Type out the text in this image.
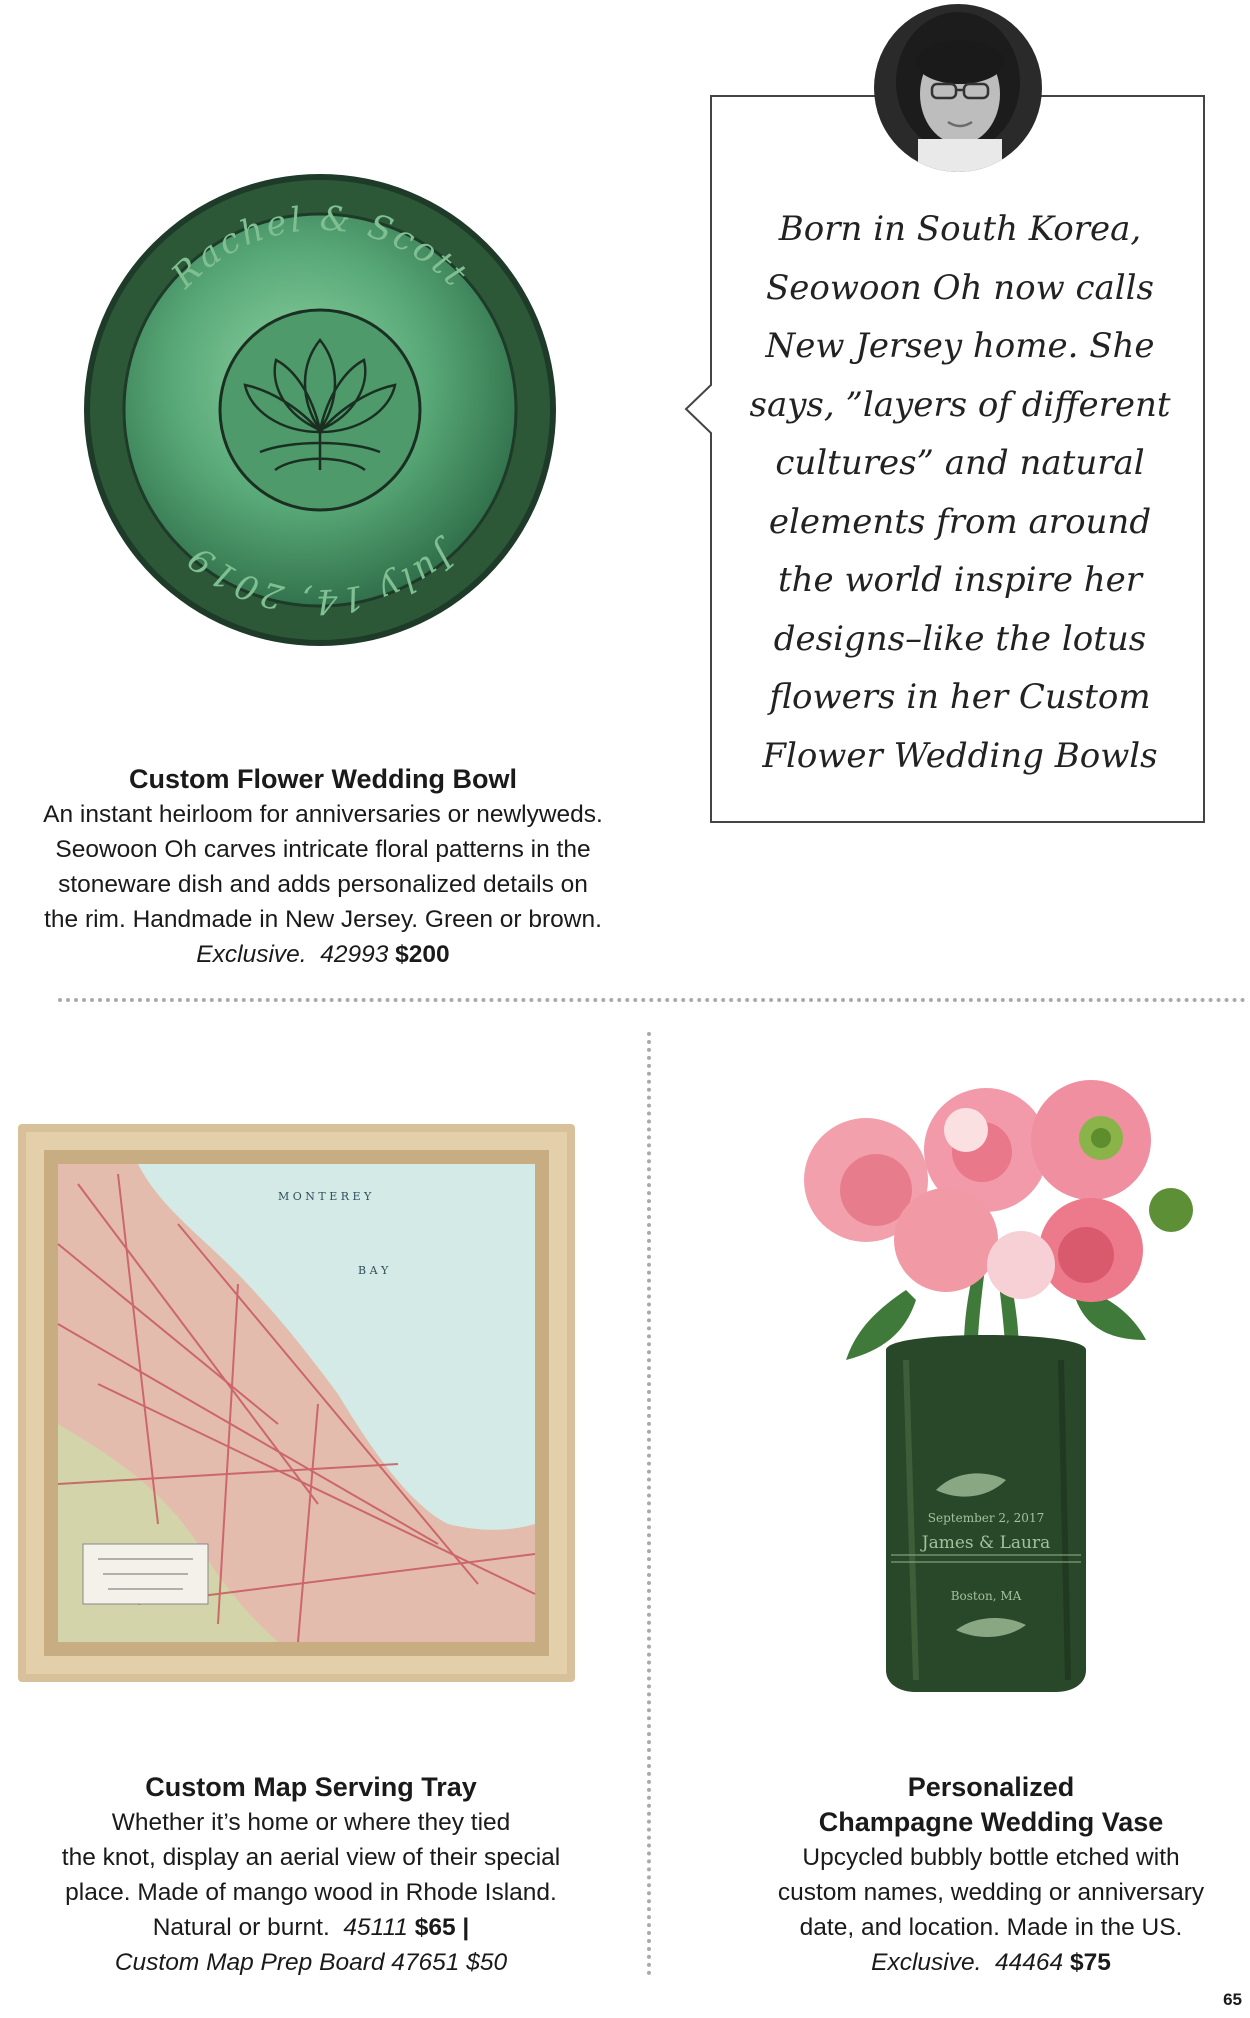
Rachel & Scott
July 14, 2019
Born in South Korea,
Seowoon Oh now calls
New Jersey home. She
says, ”layers of different
cultures” and natural
elements from around
the world inspire her
designs–like the lotus
flowers in her Custom
Flower Wedding Bowls
Custom Flower Wedding Bowl
An instant heirloom for anniversaries or newlyweds.
Seowoon Oh carves intricate floral patterns in the
stoneware dish and adds personalized details on
the rim. Handmade in New Jersey. Green or brown.
Exclusive. 42993 $200
M O N T E R E Y
B A Y
September 2, 2017
James & Laura
Boston, MA
Custom Map Serving Tray
Whether it’s home or where they tied
the knot, display an aerial view of their special
place. Made of mango wood in Rhode Island.
Natural or burnt. 45111 $65 |
Custom Map Prep Board 47651 $50
Personalized
Champagne Wedding Vase
Upcycled bubbly bottle etched with
custom names, wedding or anniversary
date, and location. Made in the US.
Exclusive. 44464 $75
65
